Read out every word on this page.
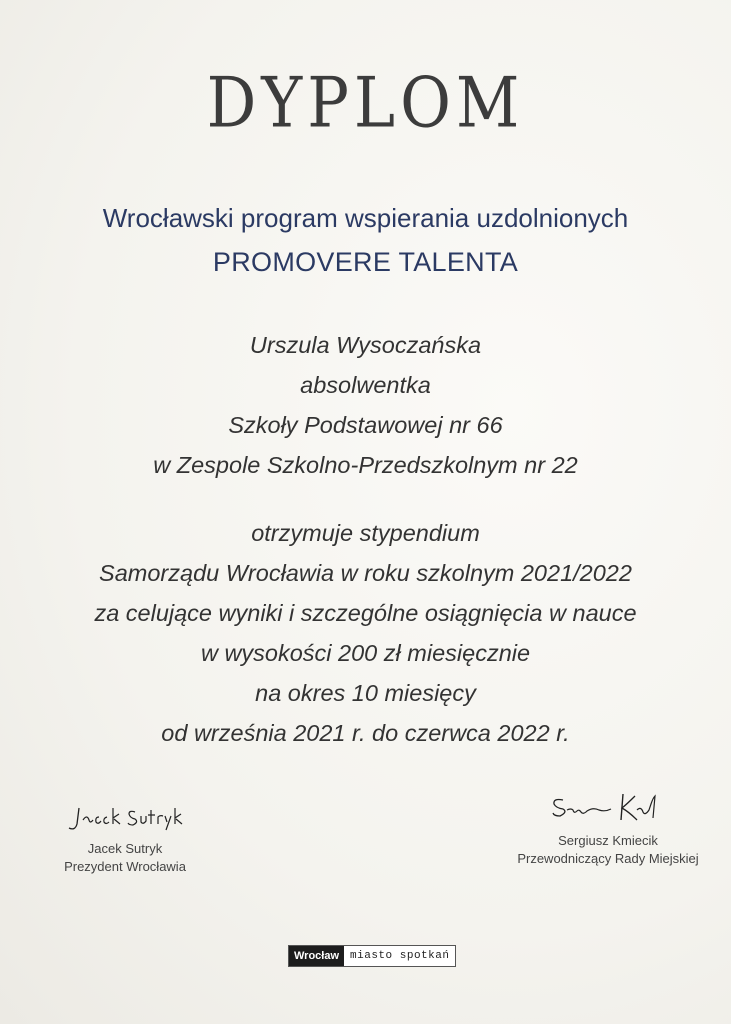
DYPLOM
Wrocławski program wspierania uzdolnionych
PROMOVERE TALENTA
Urszula Wysoczańska
absolwentka
Szkoły Podstawowej nr 66
w Zespole Szkolno-Przedszkolnym nr 22
otrzymuje stypendium
Samorządu Wrocławia w roku szkolnym 2021/2022
za celujące wyniki i szczególne osiągnięcia w nauce
w wysokości 200 zł miesięcznie
na okres 10 miesięcy
od września 2021 r. do czerwca 2022 r.
Jacek Sutryk
Prezydent Wrocławia
Sergiusz Kmiecik
Przewodniczący Rady Miejskiej
Wrocław	miasto spotkań
